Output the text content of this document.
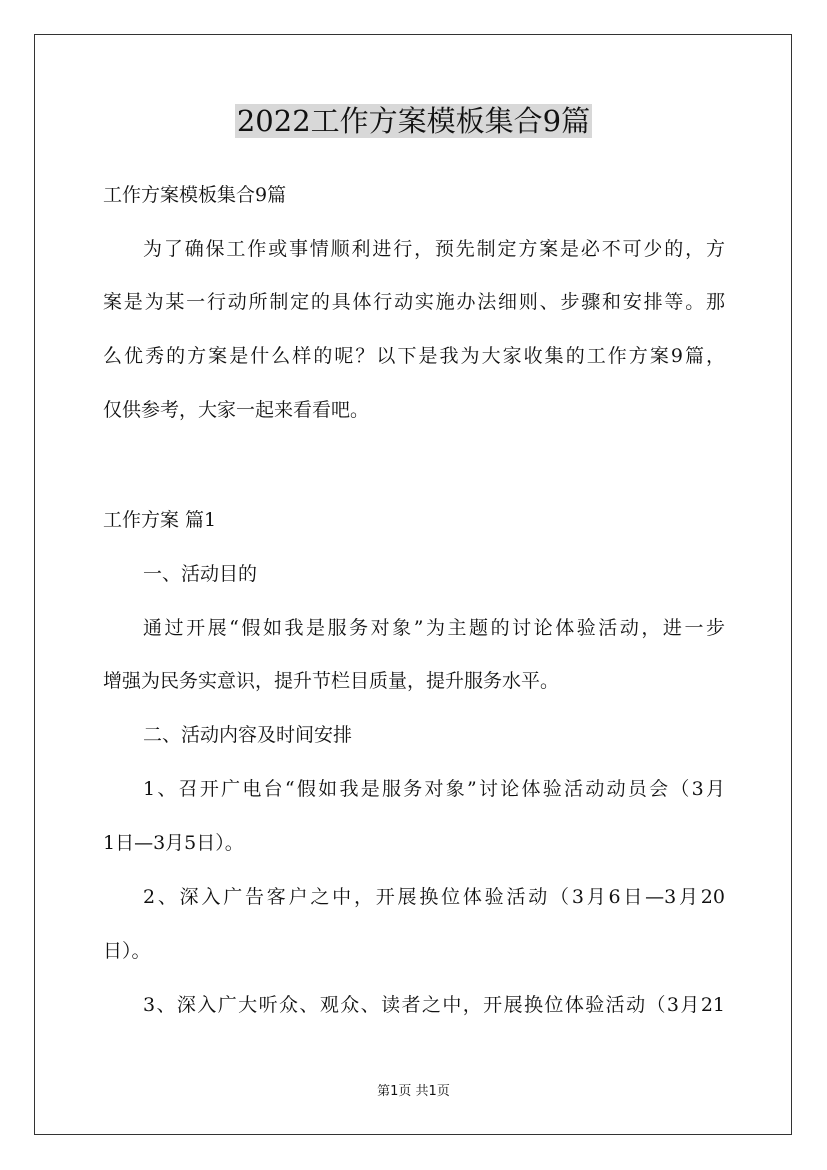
2022工作方案模板集合9篇
工作方案模板集合9篇
为了确保工作或事情顺利进行，预先制定方案是必不可少的，方
案是为某一行动所制定的具体行动实施办法细则、步骤和安排等。那
么优秀的方案是什么样的呢？以下是我为大家收集的工作方案9篇，
仅供参考，大家一起来看看吧。
工作方案 篇1
一、活动目的
通过开展“假如我是服务对象”为主题的讨论体验活动，进一步
增强为民务实意识，提升节栏目质量，提升服务水平。
二、活动内容及时间安排
1、召开广电台“假如我是服务对象”讨论体验活动动员会（3月
1日—3月5日）。
2、深入广告客户之中，开展换位体验活动（3月6日—3月20
日）。
3、深入广大听众、观众、读者之中，开展换位体验活动（3月21
第1页 共1页
